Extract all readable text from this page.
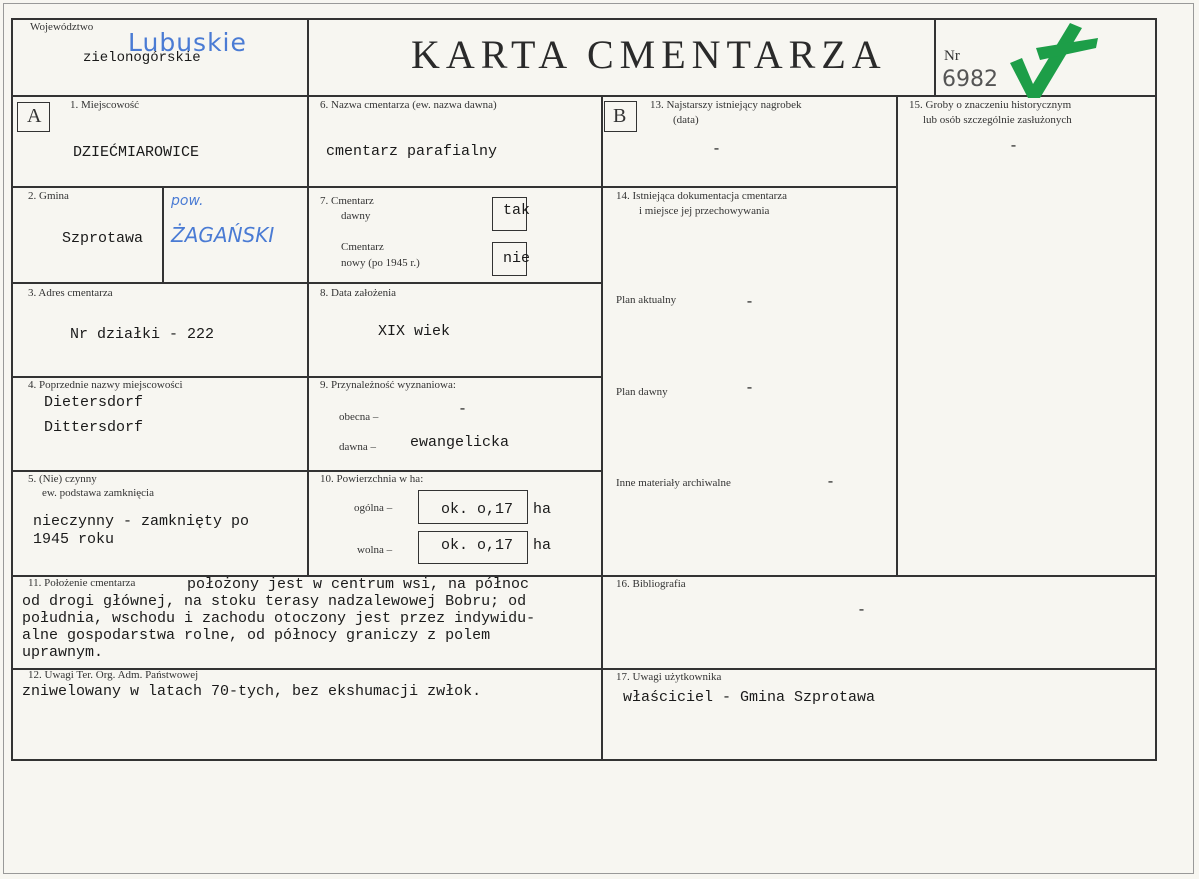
Województwo
zielonogórskie
Lubuskie	KARTA CMENTARZA	Nr
6982
A	1. Miejscowość
DZIEĆMIAROWICE
2. Gmina
Szprotawa
pow.
ŻAGAŃSKI
3. Adres cmentarza
Nr działki - 222
4. Poprzednie nazwy miejscowości
Dietersdorf
Dittersdorf
5. (Nie) czynny
ew. podstawa zamknięcia
nieczynny - zamknięty po
1945 roku
6. Nazwa cmentarza (ew. nazwa dawna)
cmentarz parafialny
7. Cmentarz
dawny	tak
Cmentarz
nowy (po 1945 r.)	nie
8. Data założenia
XIX wiek
9. Przynależność wyznaniowa:
obecna –	-
dawna – ewangelicka
10. Powierzchnia w ha:
ogólna –	ok. o,17 ha
wolna –	ok. o,17 ha
11. Położenie cmentarza	położony jest w centrum wsi, na północ
od drogi głównej, na stoku terasy nadzalewowej Bobru; od
południa, wschodu i zachodu otoczony jest przez indywidu-
alne gospodarstwa rolne, od północy graniczy z polem
uprawnym.
12. Uwagi Ter. Org. Adm. Państwowej
zniwelowany w latach 70-tych, bez ekshumacji zwłok.
B 13. Najstarszy istniejący nagrobek
(data)
-
14. Istniejąca dokumentacja cmentarza
i miejsce jej przechowywania
Plan aktualny	-
Plan dawny	-
Inne materiały archiwalne	-
15. Groby o znaczeniu historycznym
lub osób szczególnie zasłużonych
-
16. Bibliografia
-
17. Uwagi użytkownika
właściciel - Gmina Szprotawa
